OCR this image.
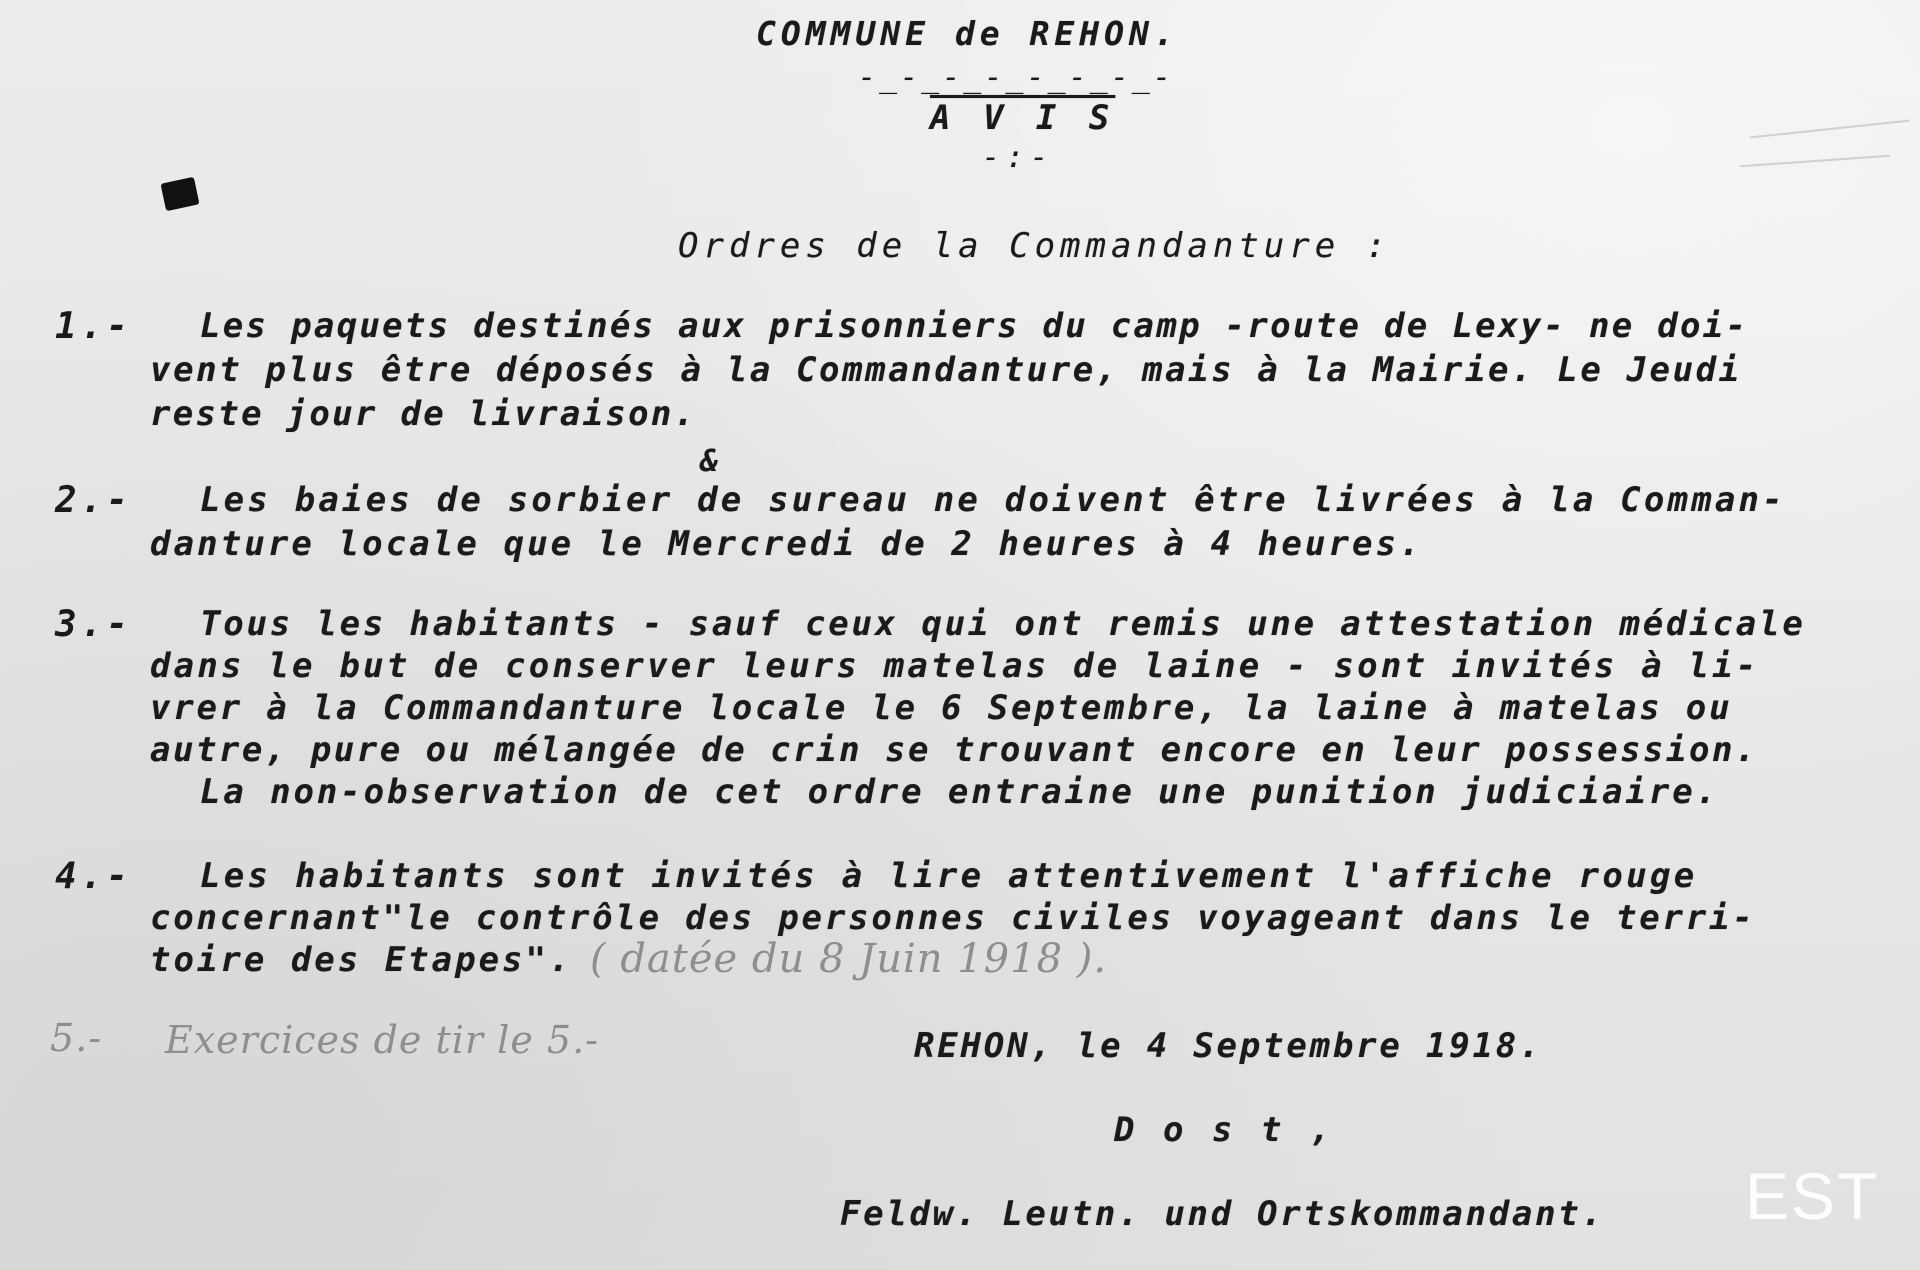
COMMUNE de REHON.
-_-_-_-_-_-_-_-
A V I S
-:-
Ordres de la Commandanture :
1.- Les paquets destinés aux prisonniers du camp -route de Lexy- ne doi-
vent plus être déposés à la Commandanture, mais à la Mairie. Le Jeudi
reste jour de livraison.
&
2.- Les baies de sorbier de sureau ne doivent être livrées à la Comman-
danture locale que le Mercredi de 2 heures à 4 heures.
3.- Tous les habitants - sauf ceux qui ont remis une attestation médicale
dans le but de conserver leurs matelas de laine - sont invités à li-
vrer à la Commandanture locale le 6 Septembre, la laine à matelas ou
autre, pure ou mélangée de crin se trouvant encore en leur possession.
La non-observation de cet ordre entraine une punition judiciaire.
4.- Les habitants sont invités à lire attentivement l'affiche rouge
concernant"le contrôle des personnes civiles voyageant dans le terri-
toire des Etapes". ( datée du 8 Juin 1918 ).
5.- Exercices de tir le 5.-	REHON, le 4 Septembre 1918.
D o s t ,
Feldw. Leutn. und Ortskommandant. EST
